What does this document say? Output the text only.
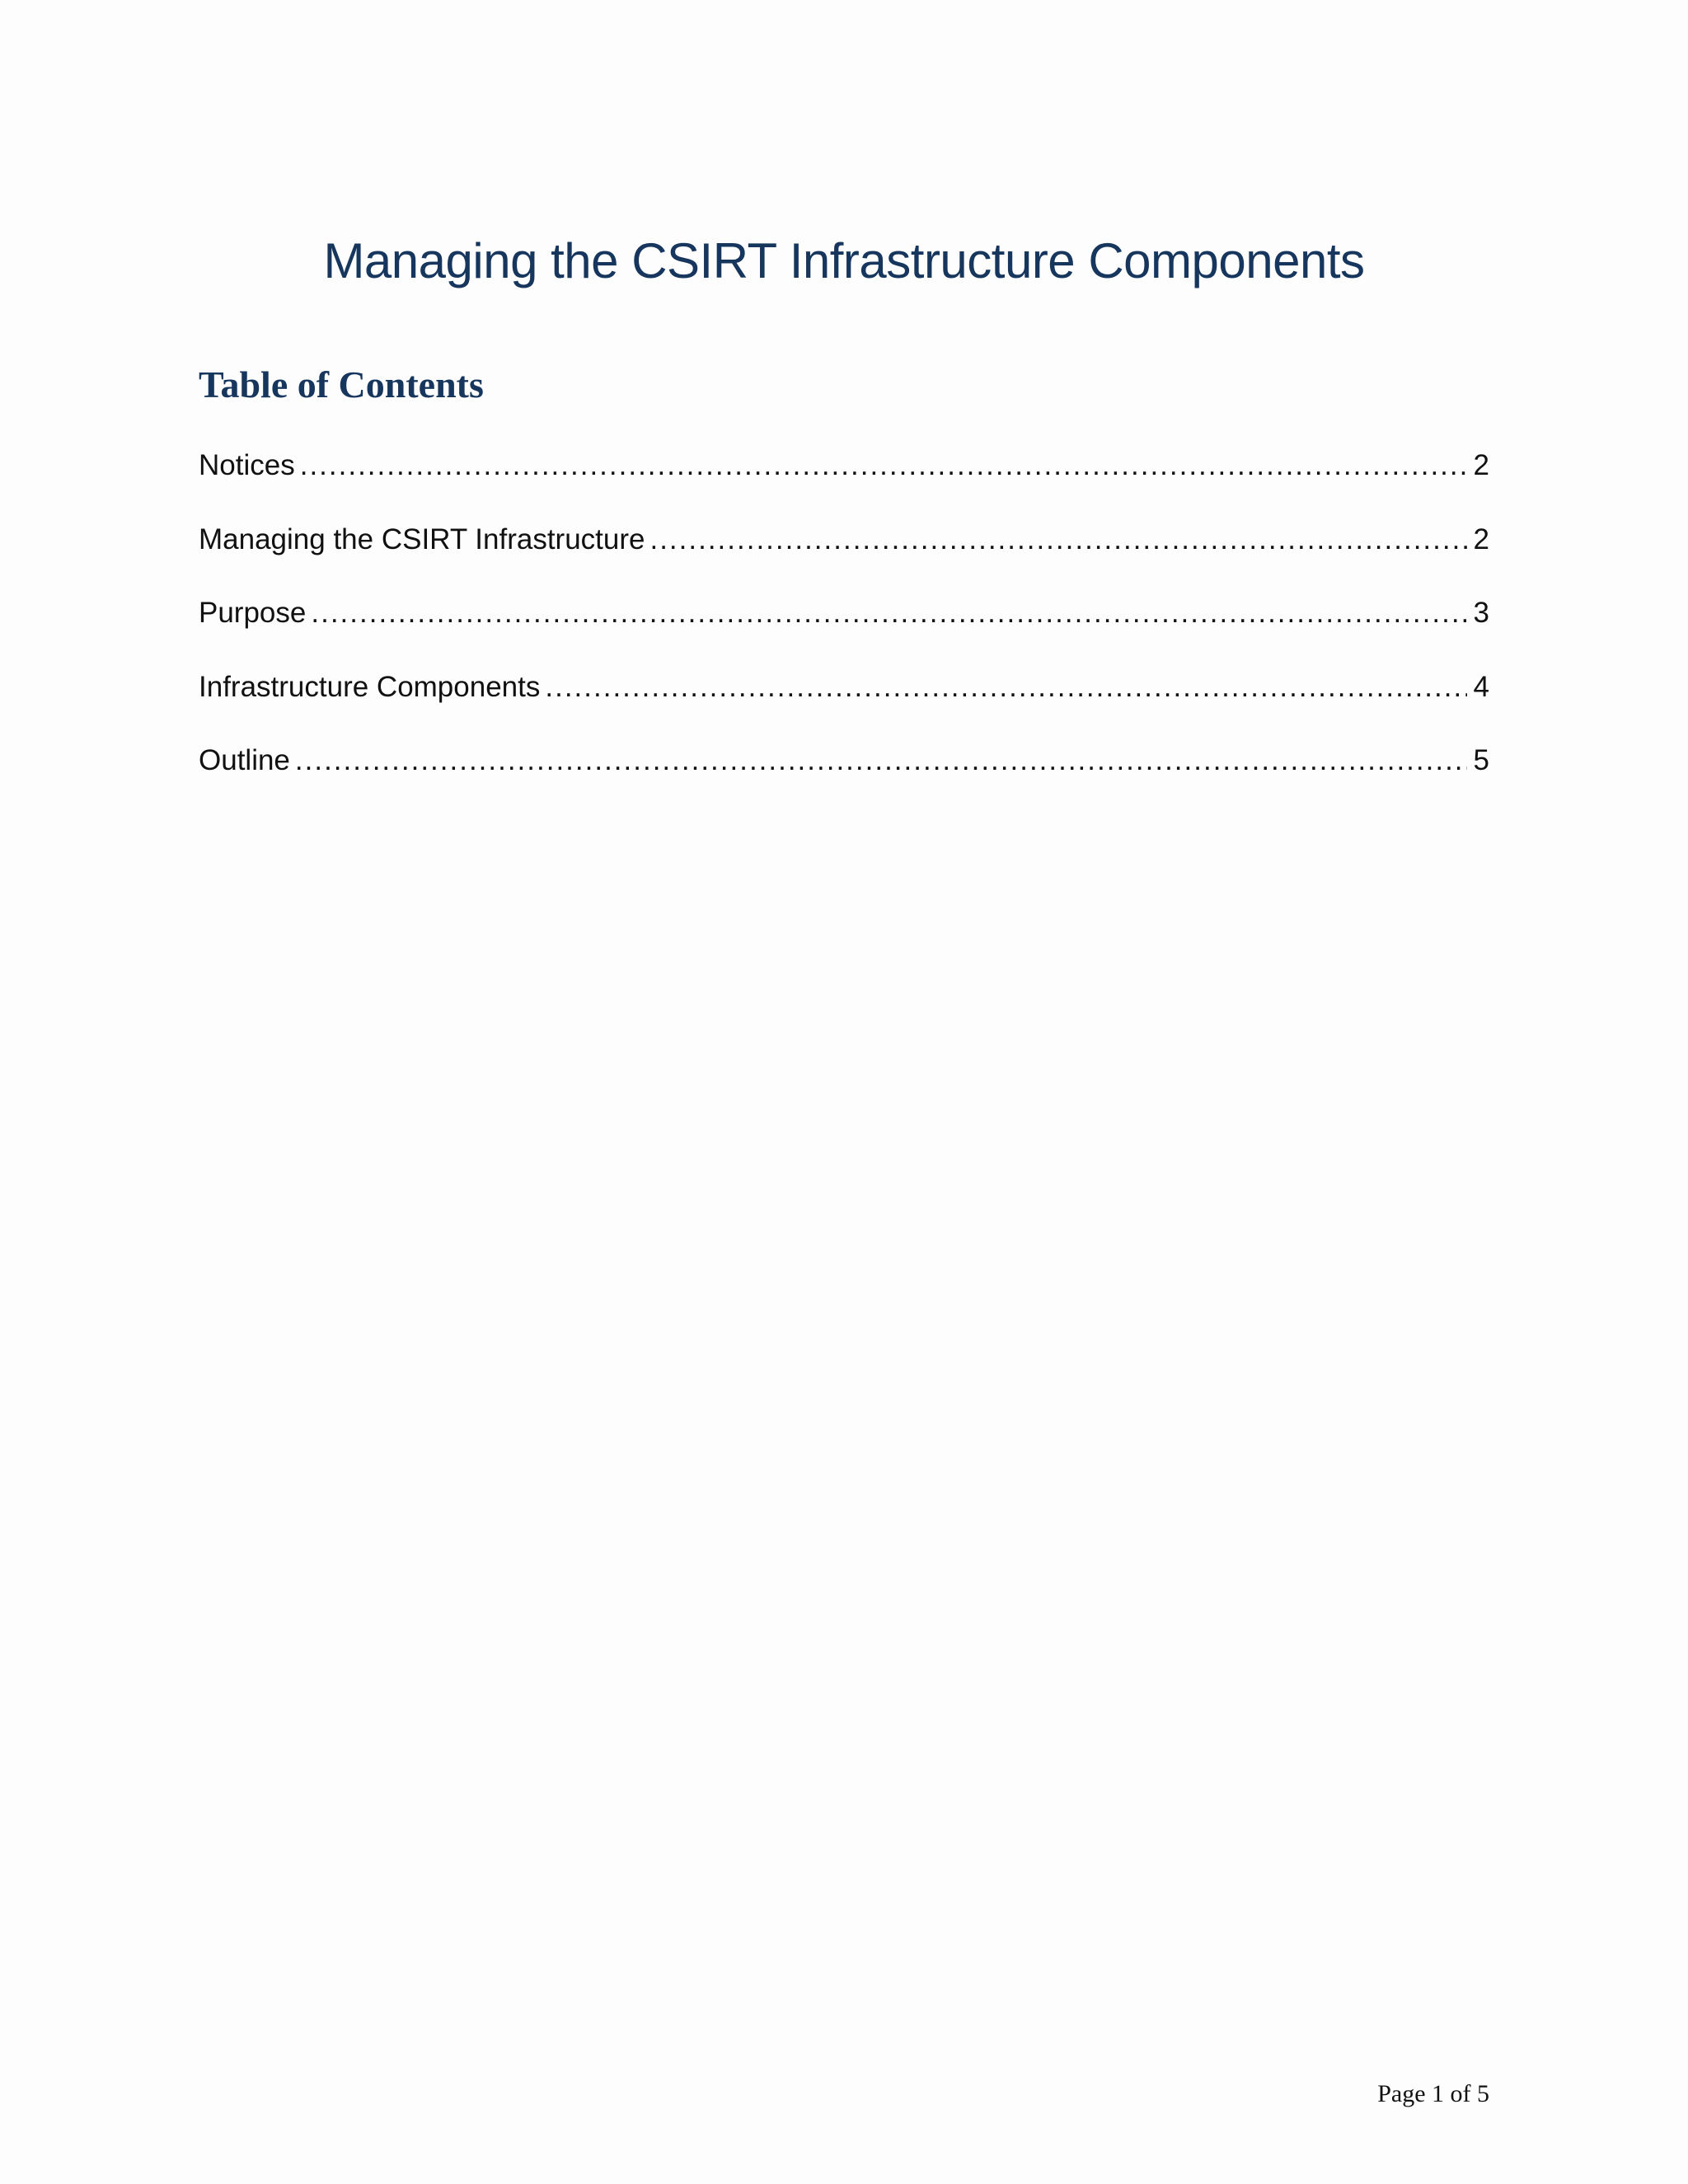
Managing the CSIRT Infrastructure Components
Table of Contents
Notices .....	2
Managing the CSIRT Infrastructure .....	2
Purpose .....	3
Infrastructure Components .....	4
Outline .....	5
Page 1 of 5
